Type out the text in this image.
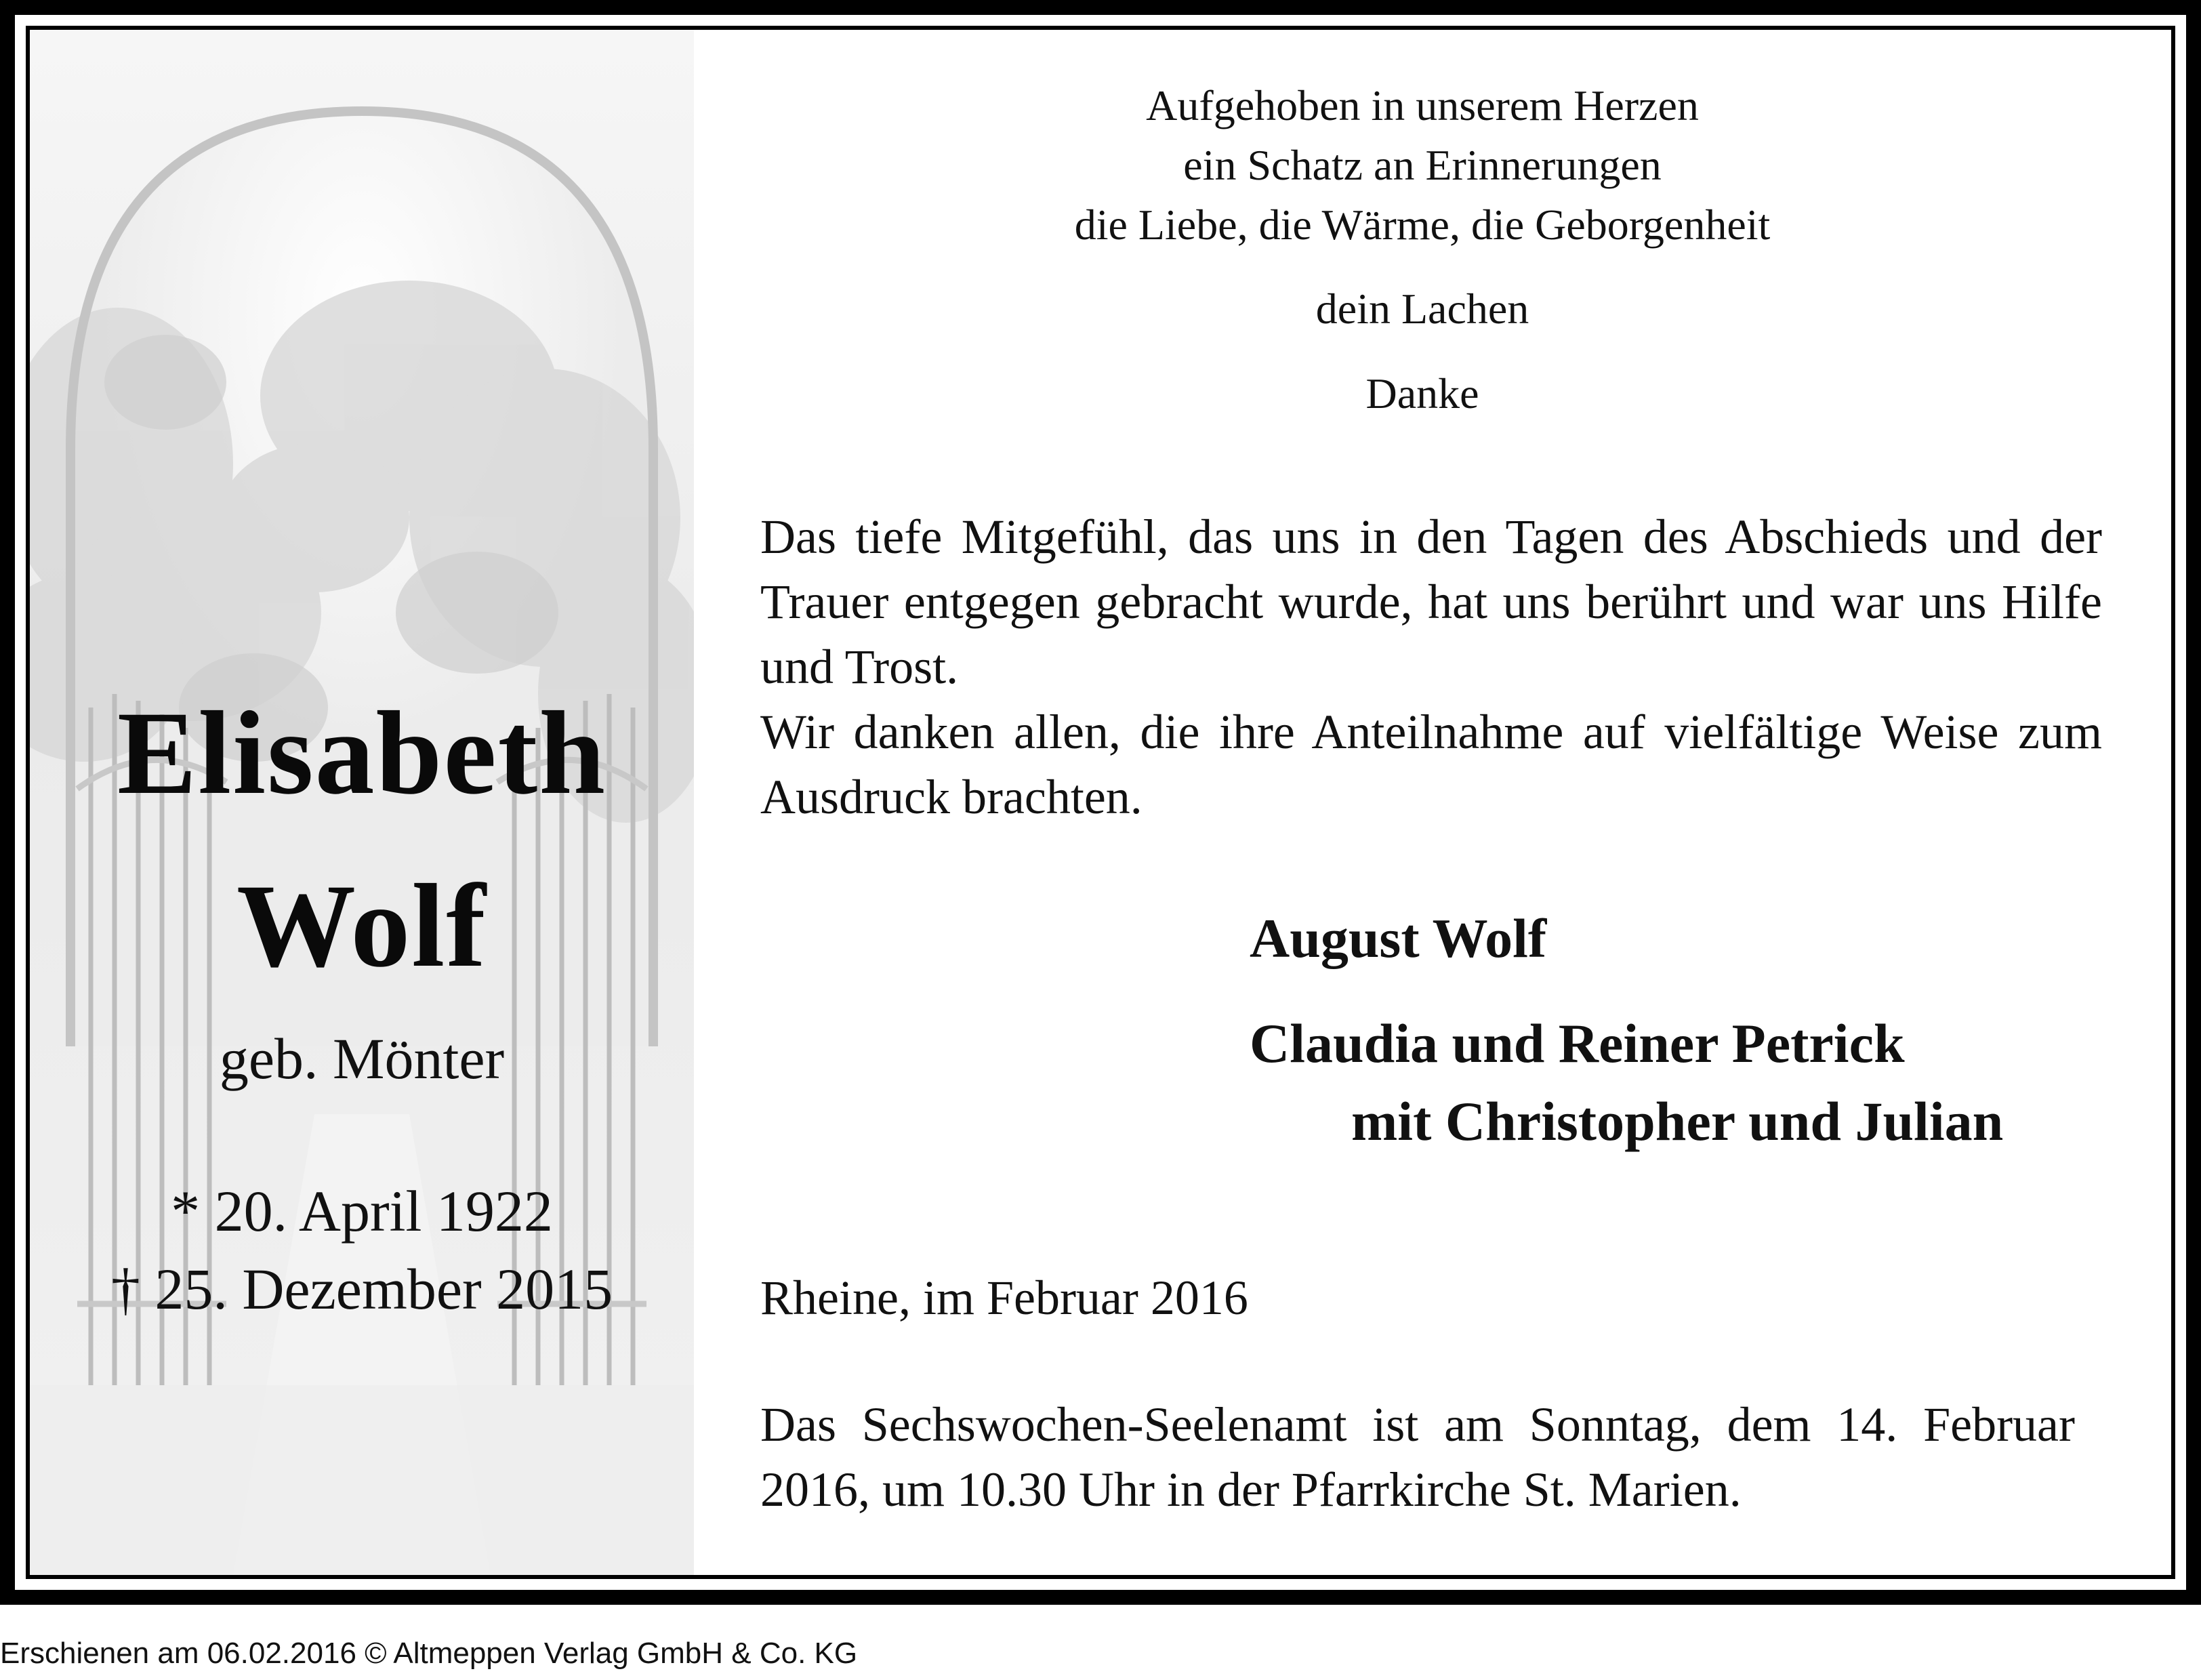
Elisabeth
Wolf
geb. Mönter
* 20. April 1922
† 25. Dezember 2015
Aufgehoben in unserem Herzen
ein Schatz an Erinnerungen
die Liebe, die Wärme, die Geborgenheit
dein Lachen
Danke

Das tiefe Mitgefühl, das uns in den Tagen des Abschieds und der Trauer entgegen gebracht wurde, hat uns berührt und war uns Hilfe und Trost.

Wir danken allen, die ihre Anteilnahme auf vielfältige Weise zum Ausdruck brachten.

August Wolf
Claudia und Reiner Petrick
mit Christopher und Julian
Rheine, im Februar 2016
Das Sechswochen-Seelenamt ist am Sonntag, dem 14. Februar 2016, um 10.30 Uhr in der Pfarrkirche St. Marien.
Erschienen am 06.02.2016 © Altmeppen Verlag GmbH & Co. KG
